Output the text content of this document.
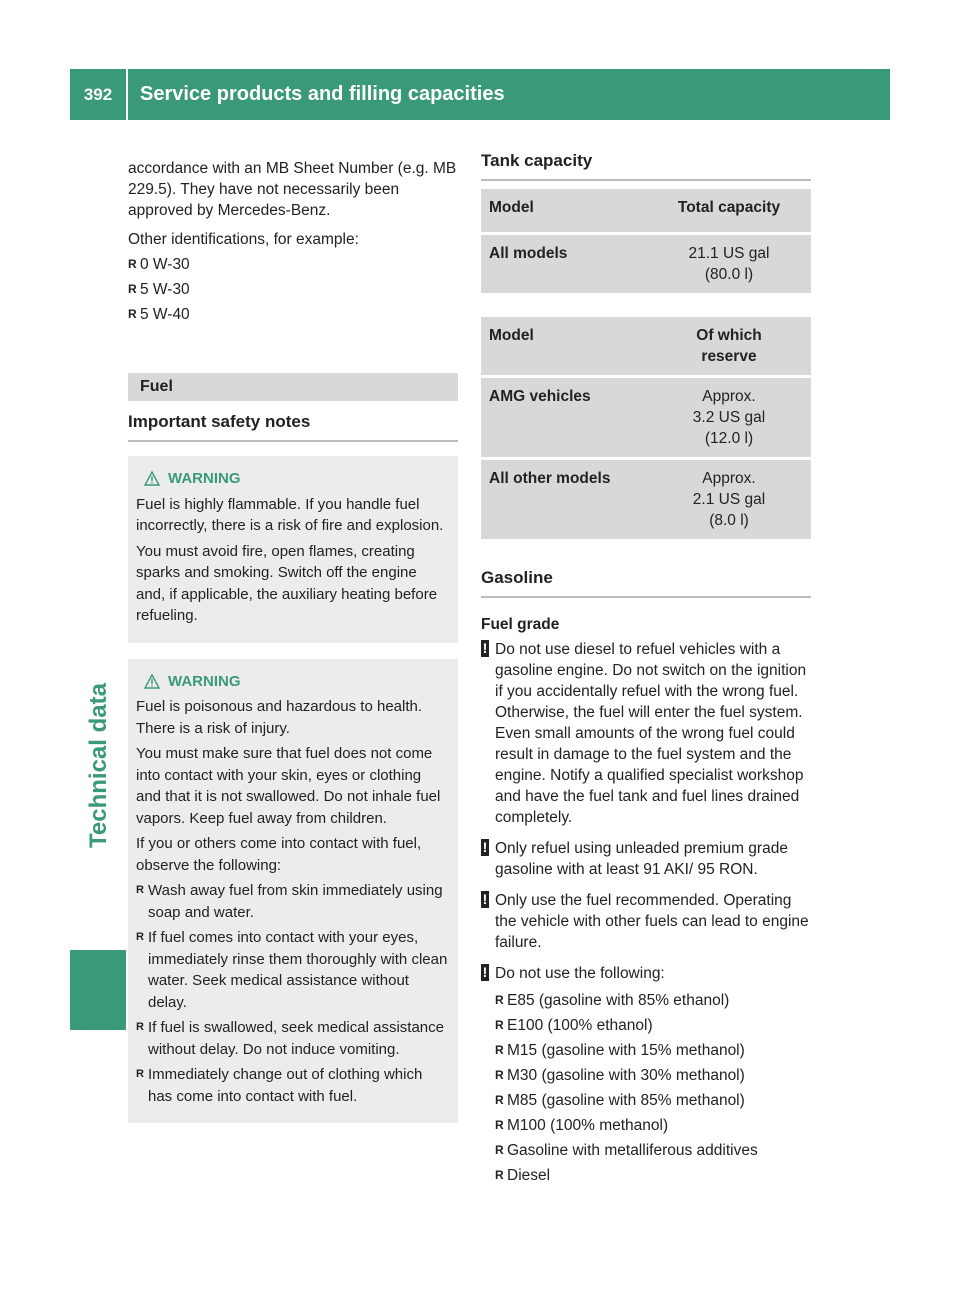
392	Service products and filling capacities
Technical data

accordance with an MB Sheet Number (e.g. MB 229.5). They have not necessarily been approved by Mercedes-Benz.

Other identifications, for example:

R 0 W-30
R 5 W-30
R 5 W-40
Fuel
Important safety notes
WARNING

Fuel is highly flammable. If you handle fuel incorrectly, there is a risk of fire and explosion.

You must avoid fire, open flames, creating sparks and smoking. Switch off the engine and, if applicable, the auxiliary heating before refueling.

WARNING

Fuel is poisonous and hazardous to health. There is a risk of injury.

You must make sure that fuel does not come into contact with your skin, eyes or clothing and that it is not swallowed. Do not inhale fuel vapors. Keep fuel away from children.

If you or others come into contact with fuel, observe the following:

R Wash away fuel from skin immediately using soap and water.
R If fuel comes into contact with your eyes, immediately rinse them thoroughly with clean water. Seek medical assistance without delay.
R If fuel is swallowed, seek medical assistance without delay. Do not induce vomiting.
R Immediately change out of clothing which has come into contact with fuel.
Tank capacity
Model	Total capacity
All models	21.1 US gal
(80.0 l)
Model	Of which
reserve

AMG vehicles	Approx.
3.2 US gal
(12.0 l)

All other models	Approx.
2.1 US gal
(8.0 l)
Gasoline

Fuel grade

! Do not use diesel to refuel vehicles with a gasoline engine. Do not switch on the ignition if you accidentally refuel with the wrong fuel. Otherwise, the fuel will enter the fuel system. Even small amounts of the wrong fuel could result in damage to the fuel system and the engine. Notify a qualified specialist workshop and have the fuel tank and fuel lines drained completely.

! Only refuel using unleaded premium grade gasoline with at least 91 AKI/ 95 RON.

! Only use the fuel recommended. Operating the vehicle with other fuels can lead to engine failure.

! Do not use the following:

R E85 (gasoline with 85% ethanol)
R E100 (100% ethanol)
R M15 (gasoline with 15% methanol)
R M30 (gasoline with 30% methanol)
R M85 (gasoline with 85% methanol)
R M100 (100% methanol)
R Gasoline with metalliferous additives
R Diesel
